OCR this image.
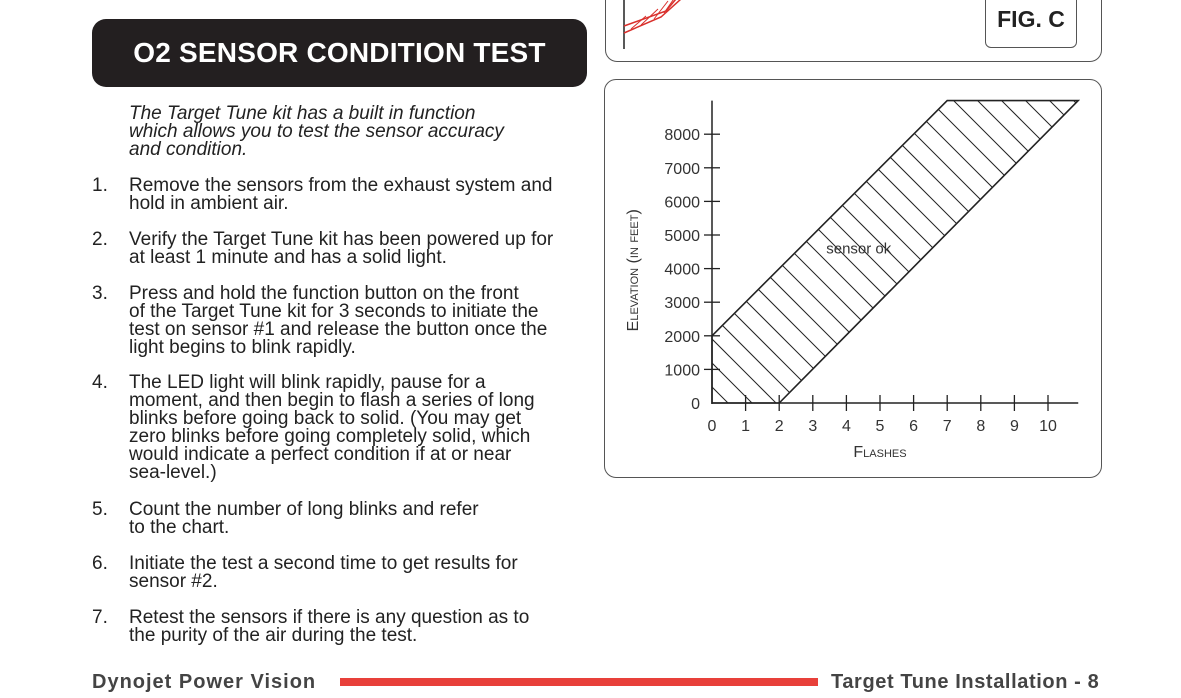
O2 SENSOR CONDITION TEST
The Target Tune kit has a built in function
which allows you to test the sensor accuracy
and condition.
1.	Remove the sensors from the exhaust system and
hold in ambient air.
2.	Verify the Target Tune kit has been powered up for
at least 1 minute and has a solid light.
3.	Press and hold the function button on the front
of the Target Tune kit for 3 seconds to initiate the
test on sensor #1 and release the button once the
light begins to blink rapidly.
4.	The LED light will blink rapidly, pause for a
moment, and then begin to flash a series of long
blinks before going back to solid. (You may get
zero blinks before going completely solid, which
would indicate a perfect condition if at or near
sea-level.)
5.	Count the number of long blinks and refer
to the chart.
6.	Initiate the test a second time to get results for
sensor #2.
7.	Retest the sensors if there is any question as to
the purity of the air during the test.
FIG. C
0
1000
2000
3000
4000
5000
6000
7000
8000
0 1 2 3 4 5 6 7 8 9 10
sensor ok
Flashes
Elevation (in feet)
Dynojet Power Vision	Target Tune Installation - 8
